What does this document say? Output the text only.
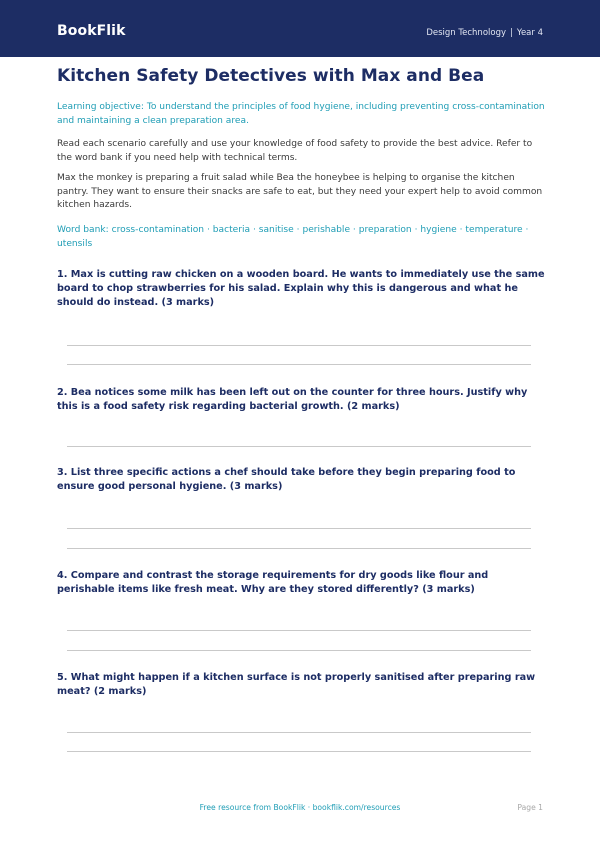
BookFlik	Design Technology | Year 4
Kitchen Safety Detectives with Max and Bea
Learning objective: To understand the principles of food hygiene, including preventing cross-contamination and maintaining a clean preparation area.
Read each scenario carefully and use your knowledge of food safety to provide the best advice. Refer to the word bank if you need help with technical terms.
Max the monkey is preparing a fruit salad while Bea the honeybee is helping to organise the kitchen pantry. They want to ensure their snacks are safe to eat, but they need your expert help to avoid common kitchen hazards.
Word bank: cross-contamination · bacteria · sanitise · perishable · preparation · hygiene · temperature · utensils
1. Max is cutting raw chicken on a wooden board. He wants to immediately use the same board to chop strawberries for his salad. Explain why this is dangerous and what he should do instead. (3 marks)
2. Bea notices some milk has been left out on the counter for three hours. Justify why this is a food safety risk regarding bacterial growth. (2 marks)
3. List three specific actions a chef should take before they begin preparing food to ensure good personal hygiene. (3 marks)
4. Compare and contrast the storage requirements for dry goods like flour and perishable items like fresh meat. Why are they stored differently? (3 marks)
5. What might happen if a kitchen surface is not properly sanitised after preparing raw meat? (2 marks)
Free resource from BookFlik · bookflik.com/resources	Page 1
